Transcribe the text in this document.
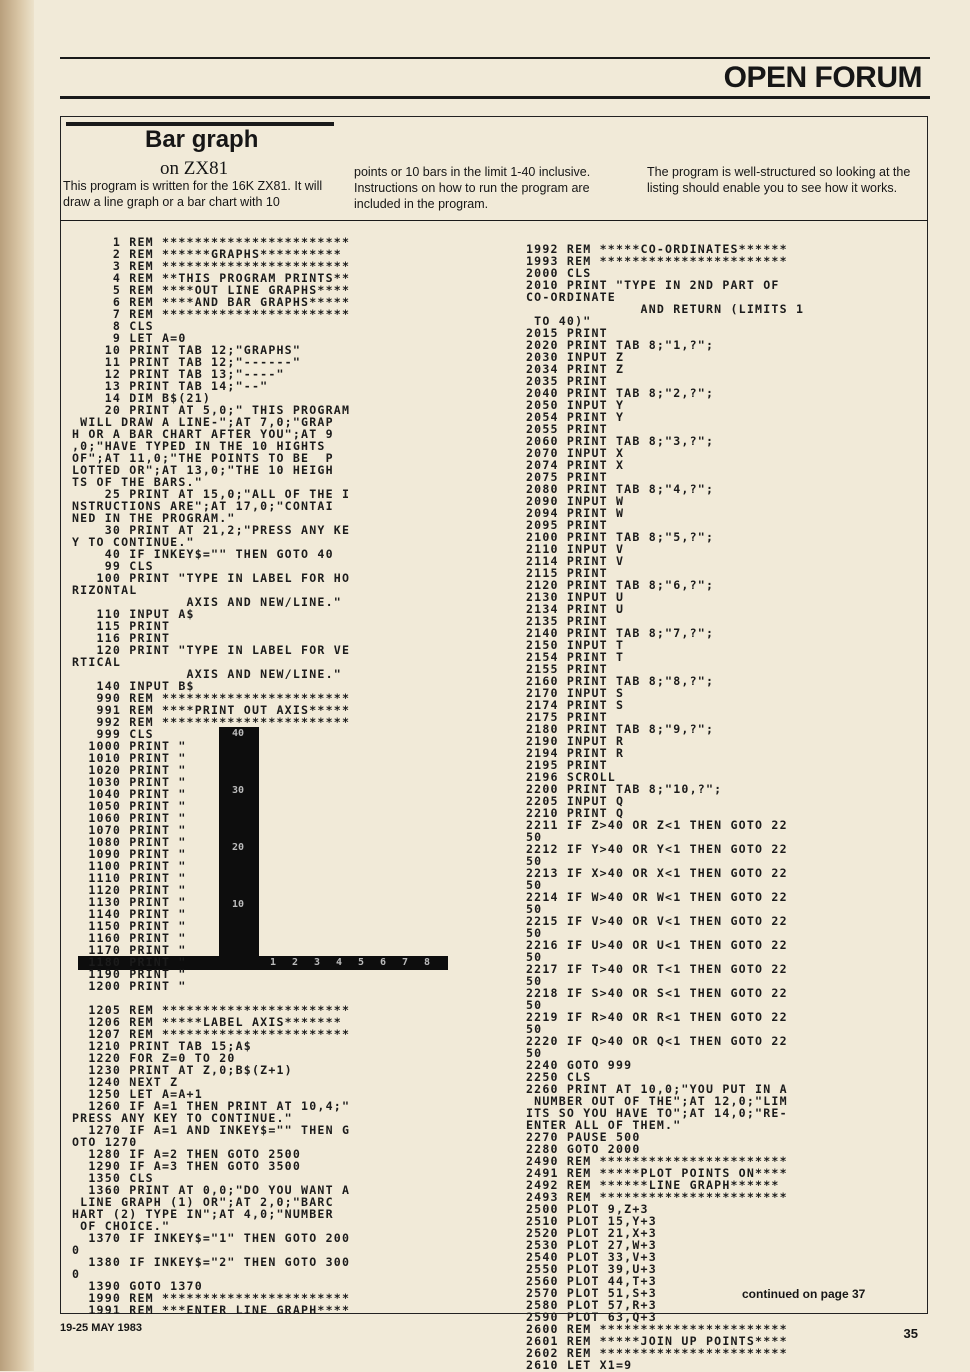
OPEN FORUM
Bar graph
on ZX81
This program is written for the 16K ZX81. It will draw a line graph or a bar chart with 10
points or 10 bars in the limit 1-40 inclusive. Instructions on how to run the program are included in the program.
The program is well-structured so looking at the listing should enable you to see how it works.
40
30
20
10
1 2 3 4 5 6 7 8
1 REM ***********************
2 REM ******GRAPHS**********
3 REM ***********************
4 REM **THIS PROGRAM PRINTS**
5 REM ****OUT LINE GRAPHS****
6 REM ****AND BAR GRAPHS*****
7 REM ***********************
8 CLS
9 LET A=0
10 PRINT TAB 12;"GRAPHS"
11 PRINT TAB 12;"------"
12 PRINT TAB 13;"----"
13 PRINT TAB 14;"--"
14 DIM B$(21)
20 PRINT AT 5,0;" THIS PROGRAM
WILL DRAW A LINE-";AT 7,0;"GRAP
H OR A BAR CHART AFTER YOU";AT 9
,0;"HAVE TYPED IN THE 10 HIGHTS
OF";AT 11,0;"THE POINTS TO BE  P
LOTTED OR";AT 13,0;"THE 10 HEIGH
TS OF THE BARS."
25 PRINT AT 15,0;"ALL OF THE I
NSTRUCTIONS ARE";AT 17,0;"CONTAI
NED IN THE PROGRAM."
30 PRINT AT 21,2;"PRESS ANY KE
Y TO CONTINUE."
40 IF INKEY$="" THEN GOTO 40
99 CLS
100 PRINT "TYPE IN LABEL FOR HO
RIZONTAL
AXIS AND NEW/LINE."
110 INPUT A$
115 PRINT
116 PRINT
120 PRINT "TYPE IN LABEL FOR VE
RTICAL
AXIS AND NEW/LINE."
140 INPUT B$
990 REM ***********************
991 REM ****PRINT OUT AXIS*****
992 REM ***********************
999 CLS
1000 PRINT "
1010 PRINT "
1020 PRINT "
1030 PRINT "
1040 PRINT "
1050 PRINT "
1060 PRINT "
1070 PRINT "
1080 PRINT "
1090 PRINT "
1100 PRINT "
1110 PRINT "
1120 PRINT "
1130 PRINT "
1140 PRINT "
1150 PRINT "
1160 PRINT "
1170 PRINT "
1180 PRINT "
1190 PRINT "
1200 PRINT "
1205 REM ***********************
1206 REM *****LABEL AXIS*******
1207 REM ***********************
1210 PRINT TAB 15;A$
1220 FOR Z=0 TO 20
1230 PRINT AT Z,0;B$(Z+1)
1240 NEXT Z
1250 LET A=A+1
1260 IF A=1 THEN PRINT AT 10,4;"
PRESS ANY KEY TO CONTINUE."
1270 IF A=1 AND INKEY$="" THEN G
OTO 1270
1280 IF A=2 THEN GOTO 2500
1290 IF A=3 THEN GOTO 3500
1350 CLS
1360 PRINT AT 0,0;"DO YOU WANT A
LINE GRAPH (1) OR";AT 2,0;"BARC
HART (2) TYPE IN";AT 4,0;"NUMBER
OF CHOICE."
1370 IF INKEY$="1" THEN GOTO 200
0
1380 IF INKEY$="2" THEN GOTO 300
0
1390 GOTO 1370
1990 REM ***********************
1991 REM ***ENTER LINE GRAPH****
1992 REM *****CO-ORDINATES******
1993 REM ***********************
2000 CLS
2010 PRINT "TYPE IN 2ND PART OF
CO-ORDINATE
AND RETURN (LIMITS 1
TO 40)"
2015 PRINT
2020 PRINT TAB 8;"1,?";
2030 INPUT Z
2034 PRINT Z
2035 PRINT
2040 PRINT TAB 8;"2,?";
2050 INPUT Y
2054 PRINT Y
2055 PRINT
2060 PRINT TAB 8;"3,?";
2070 INPUT X
2074 PRINT X
2075 PRINT
2080 PRINT TAB 8;"4,?";
2090 INPUT W
2094 PRINT W
2095 PRINT
2100 PRINT TAB 8;"5,?";
2110 INPUT V
2114 PRINT V
2115 PRINT
2120 PRINT TAB 8;"6,?";
2130 INPUT U
2134 PRINT U
2135 PRINT
2140 PRINT TAB 8;"7,?";
2150 INPUT T
2154 PRINT T
2155 PRINT
2160 PRINT TAB 8;"8,?";
2170 INPUT S
2174 PRINT S
2175 PRINT
2180 PRINT TAB 8;"9,?";
2190 INPUT R
2194 PRINT R
2195 PRINT
2196 SCROLL
2200 PRINT TAB 8;"10,?";
2205 INPUT Q
2210 PRINT Q
2211 IF Z>40 OR Z<1 THEN GOTO 22
50
2212 IF Y>40 OR Y<1 THEN GOTO 22
50
2213 IF X>40 OR X<1 THEN GOTO 22
50
2214 IF W>40 OR W<1 THEN GOTO 22
50
2215 IF V>40 OR V<1 THEN GOTO 22
50
2216 IF U>40 OR U<1 THEN GOTO 22
50
2217 IF T>40 OR T<1 THEN GOTO 22
50
2218 IF S>40 OR S<1 THEN GOTO 22
50
2219 IF R>40 OR R<1 THEN GOTO 22
50
2220 IF Q>40 OR Q<1 THEN GOTO 22
50
2240 GOTO 999
2250 CLS
2260 PRINT AT 10,0;"YOU PUT IN A
NUMBER OUT OF THE";AT 12,0;"LIM
ITS SO YOU HAVE TO";AT 14,0;"RE-
ENTER ALL OF THEM."
2270 PAUSE 500
2280 GOTO 2000
2490 REM ***********************
2491 REM *****PLOT POINTS ON****
2492 REM ******LINE GRAPH******
2493 REM ***********************
2500 PLOT 9,Z+3
2510 PLOT 15,Y+3
2520 PLOT 21,X+3
2530 PLOT 27,W+3
2540 PLOT 33,V+3
2550 PLOT 39,U+3
2560 PLOT 44,T+3
2570 PLOT 51,S+3
2580 PLOT 57,R+3
2590 PLOT 63,Q+3
2600 REM ***********************
2601 REM *****JOIN UP POINTS****
2602 REM ***********************
2610 LET X1=9
continued on page 37
19-25 MAY 1983	35
